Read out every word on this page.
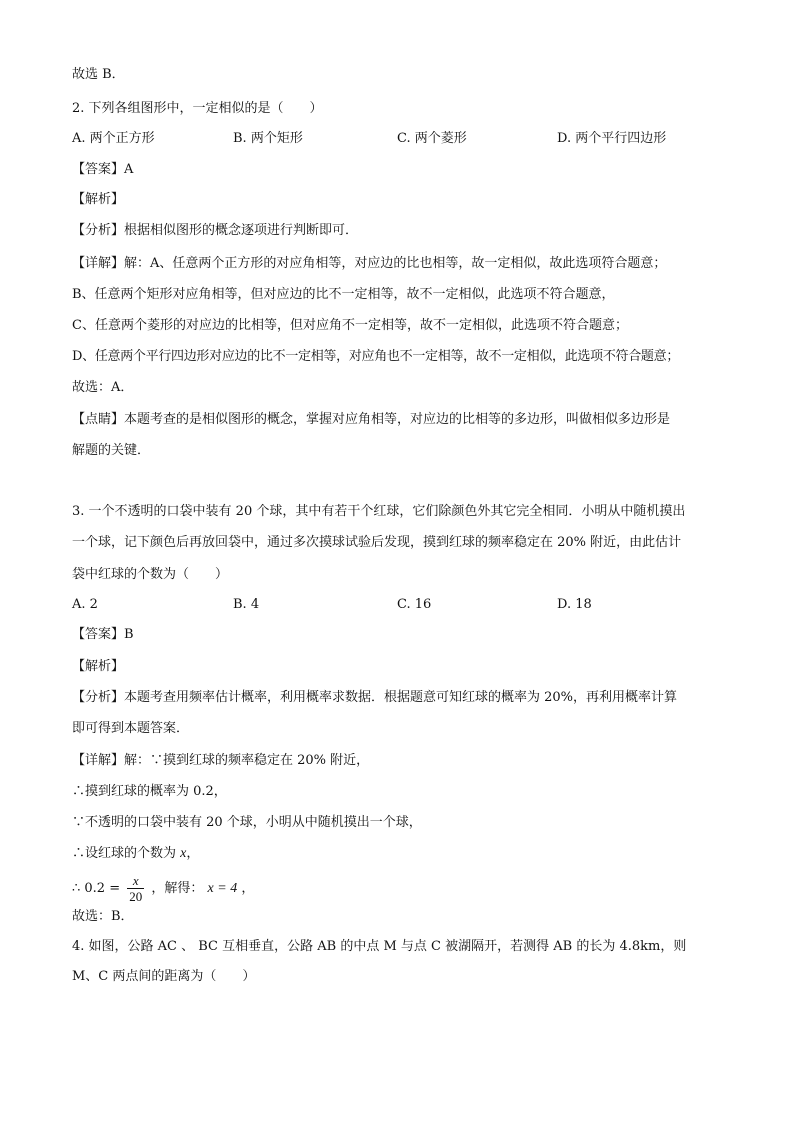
故选 B．
2. 下列各组图形中，一定相似的是（　　）
A. 两个正方形	B. 两个矩形	C. 两个菱形	D. 两个平行四边形
【答案】A
【解析】
【分析】根据相似图形的概念逐项进行判断即可．
【详解】解：A、任意两个正方形的对应角相等，对应边的比也相等，故一定相似，故此选项符合题意；
B、任意两个矩形对应角相等，但对应边的比不一定相等，故不一定相似，此选项不符合题意，
C、任意两个菱形的对应边的比相等，但对应角不一定相等，故不一定相似，此选项不符合题意；
D、任意两个平行四边形对应边的比不一定相等，对应角也不一定相等，故不一定相似，此选项不符合题意；
故选：A．
【点睛】本题考查的是相似图形的概念，掌握对应角相等，对应边的比相等的多边形，叫做相似多边形是
解题的关键．
3. 一个不透明的口袋中装有 20 个球，其中有若干个红球，它们除颜色外其它完全相同．小明从中随机摸出
一个球，记下颜色后再放回袋中，通过多次摸球试验后发现，摸到红球的频率稳定在 20% 附近，由此估计
袋中红球的个数为（　　）
A. 2	B. 4	C. 16	D. 18
【答案】B
【解析】
【分析】本题考查用频率估计概率，利用概率求数据．根据题意可知红球的概率为 20%，再利用概率计算
即可得到本题答案．
【详解】解：∵摸到红球的频率稳定在 20% 附近，
∴摸到红球的概率为 0.2，
∵不透明的口袋中装有 20 个球，小明从中随机摸出一个球，
∴设红球的个数为 x，
∴ $0.2 = \frac{x}{20}$ ，解得： x = 4 ，
故选：B．
4. 如图，公路 AC 、 BC 互相垂直，公路 AB 的中点 M 与点 C 被湖隔开，若测得 AB 的长为 4.8km，则
M、C 两点间的距离为（　　）
